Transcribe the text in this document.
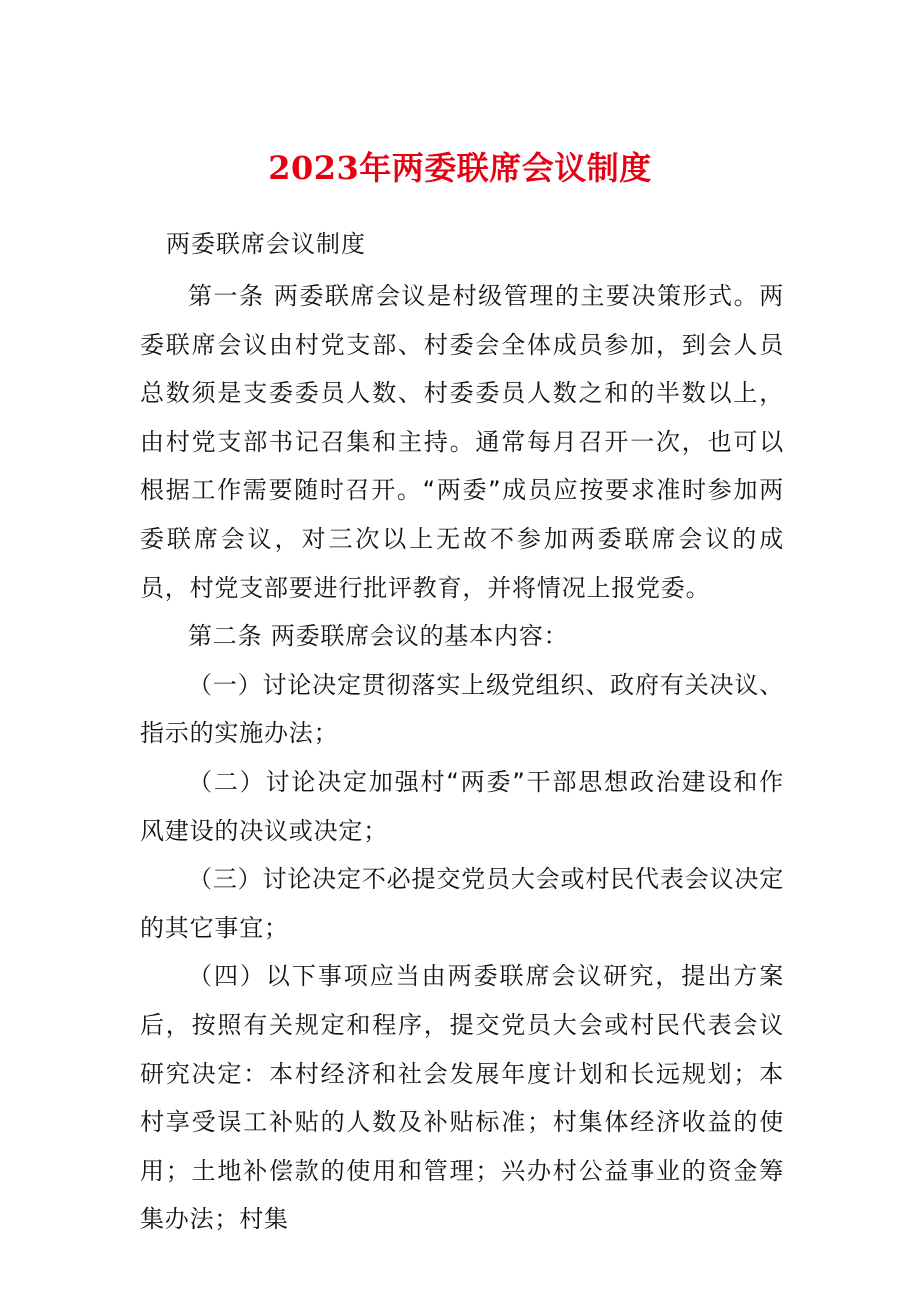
2023年两委联席会议制度
两委联席会议制度

第一条 两委联席会议是村级管理的主要决策形式。两委联席会议由村党支部、村委会全体成员参加，到会人员总数须是支委委员人数、村委委员人数之和的半数以上，由村党支部书记召集和主持。通常每月召开一次，也可以根据工作需要随时召开。“两委”成员应按要求准时参加两委联席会议，对三次以上无故不参加两委联席会议的成员，村党支部要进行批评教育，并将情况上报党委。

第二条 两委联席会议的基本内容：

（一）讨论决定贯彻落实上级党组织、政府有关决议、指示的实施办法；

（二）讨论决定加强村“两委”干部思想政治建设和作风建设的决议或决定；

（三）讨论决定不必提交党员大会或村民代表会议决定的其它事宜；

（四）以下事项应当由两委联席会议研究，提出方案后，按照有关规定和程序，提交党员大会或村民代表会议研究决定：本村经济和社会发展年度计划和长远规划；本村享受误工补贴的人数及补贴标准；村集体经济收益的使用；土地补偿款的使用和管理；兴办村公益事业的资金筹集办法；村集
